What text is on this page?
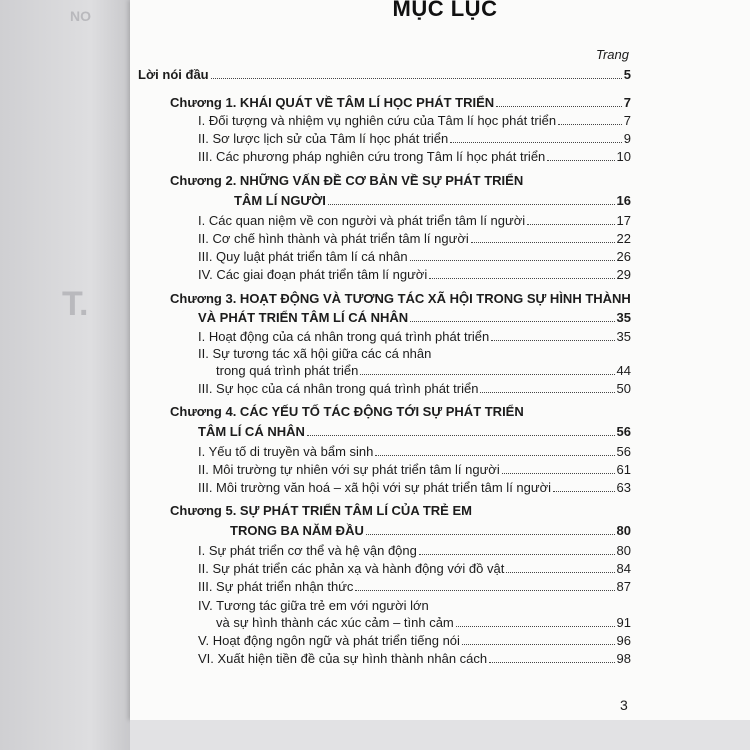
NO
T.
MỤC LỤC
Trang
Lời nói đầu	5
Chương 1. KHÁI QUÁT VỀ TÂM LÍ HỌC PHÁT TRIỂN	7
I. Đối tượng và nhiệm vụ nghiên cứu của Tâm lí học phát triển	7
II. Sơ lược lịch sử của Tâm lí học phát triển	9
III. Các phương pháp nghiên cứu trong Tâm lí học phát triển	10
Chương 2. NHỮNG VẤN ĐỀ CƠ BẢN VỀ SỰ PHÁT TRIỂN
TÂM LÍ NGƯỜI	16
I. Các quan niệm về con người và phát triển tâm lí người	17
II. Cơ chế hình thành và phát triển tâm lí người	22
III. Quy luật phát triển tâm lí cá nhân	26
IV. Các giai đoạn phát triển tâm lí người	29
Chương 3. HOẠT ĐỘNG VÀ TƯƠNG TÁC XÃ HỘI TRONG SỰ HÌNH THÀNH
VÀ PHÁT TRIỂN TÂM LÍ CÁ NHÂN	35
I. Hoạt động của cá nhân trong quá trình phát triển	35
II. Sự tương tác xã hội giữa các cá nhân
trong quá trình phát triển	44
III. Sự học của cá nhân trong quá trình phát triển	50
Chương 4. CÁC YẾU TỐ TÁC ĐỘNG TỚI SỰ PHÁT TRIỂN
TÂM LÍ CÁ NHÂN	56
I. Yếu tố di truyền và bẩm sinh	56
II. Môi trường tự nhiên với sự phát triển tâm lí người	61
III. Môi trường văn hoá – xã hội với sự phát triển tâm lí người	63
Chương 5. SỰ PHÁT TRIỂN TÂM LÍ CỦA TRẺ EM
TRONG BA NĂM ĐẦU	80
I. Sự phát triển cơ thể và hệ vận động	80
II. Sự phát triển các phản xạ và hành động với đồ vật	84
III. Sự phát triển nhận thức	87
IV. Tương tác giữa trẻ em với người lớn
và sự hình thành các xúc cảm – tình cảm	91
V. Hoạt động ngôn ngữ và phát triển tiếng nói	96
VI. Xuất hiện tiền đề của sự hình thành nhân cách	98
3
